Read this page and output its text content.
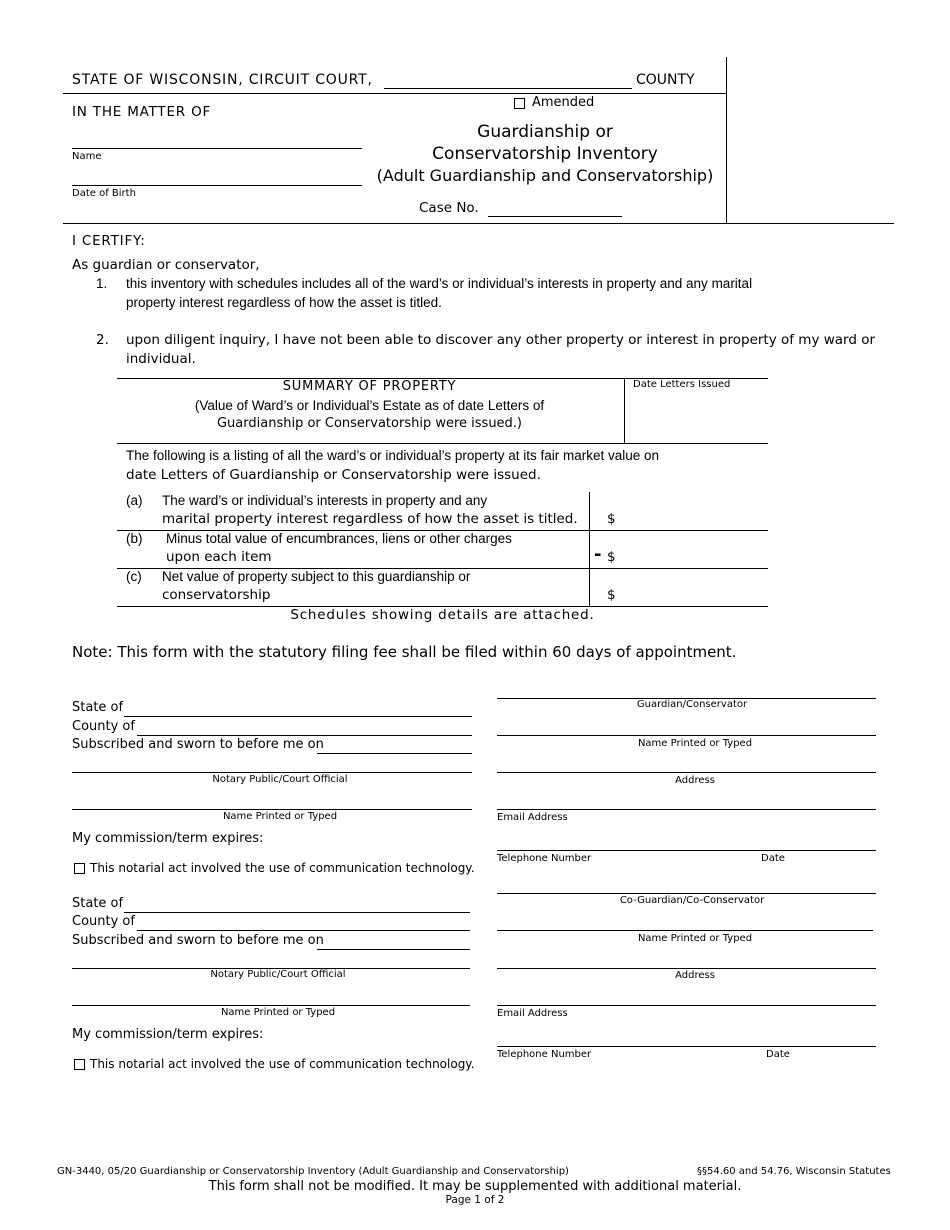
STATE OF WISCONSIN, CIRCUIT COURT,	COUNTY
IN THE MATTER OF
Name
Date of Birth
Amended
Guardianship or
Conservatorship Inventory
(Adult Guardianship and Conservatorship)
Case No.
I CERTIFY:
As guardian or conservator,
1. this inventory with schedules includes all of the ward’s or individual’s interests in property and any marital
property interest regardless of how the asset is titled.
2. upon diligent inquiry, I have not been able to discover any other property or interest in property of my ward or
individual.
SUMMARY OF PROPERTY
(Value of Ward’s or Individual’s Estate as of date Letters of
Guardianship or Conservatorship were issued.)
Date Letters Issued
The following is a listing of all the ward’s or individual’s property at its fair market value on
date Letters of Guardianship or Conservatorship were issued.
(a) The ward’s or individual’s interests in property and any
marital property interest regardless of how the asset is titled. $
(b) Minus total value of encumbrances, liens or other charges
upon each item	- $
(c) Net value of property subject to this guardianship or
conservatorship	$
Schedules showing details are attached.
Note: This form with the statutory filing fee shall be filed within 60 days of appointment.
State of
County of
Subscribed and sworn to before me on
Notary Public/Court Official
Name Printed or Typed
My commission/term expires:
This notarial act involved the use of communication technology.
State of
County of
Subscribed and sworn to before me on
Notary Public/Court Official
Name Printed or Typed
My commission/term expires:
This notarial act involved the use of communication technology.
Guardian/Conservator
Name Printed or Typed
Address
Email Address
Telephone Number	Date
Co-Guardian/Co-Conservator
Name Printed or Typed
Address
Email Address
Telephone Number	Date
GN-3440, 05/20 Guardianship or Conservatorship Inventory (Adult Guardianship and Conservatorship)	§§54.60 and 54.76, Wisconsin Statutes
This form shall not be modified. It may be supplemented with additional material.
Page 1 of 2
